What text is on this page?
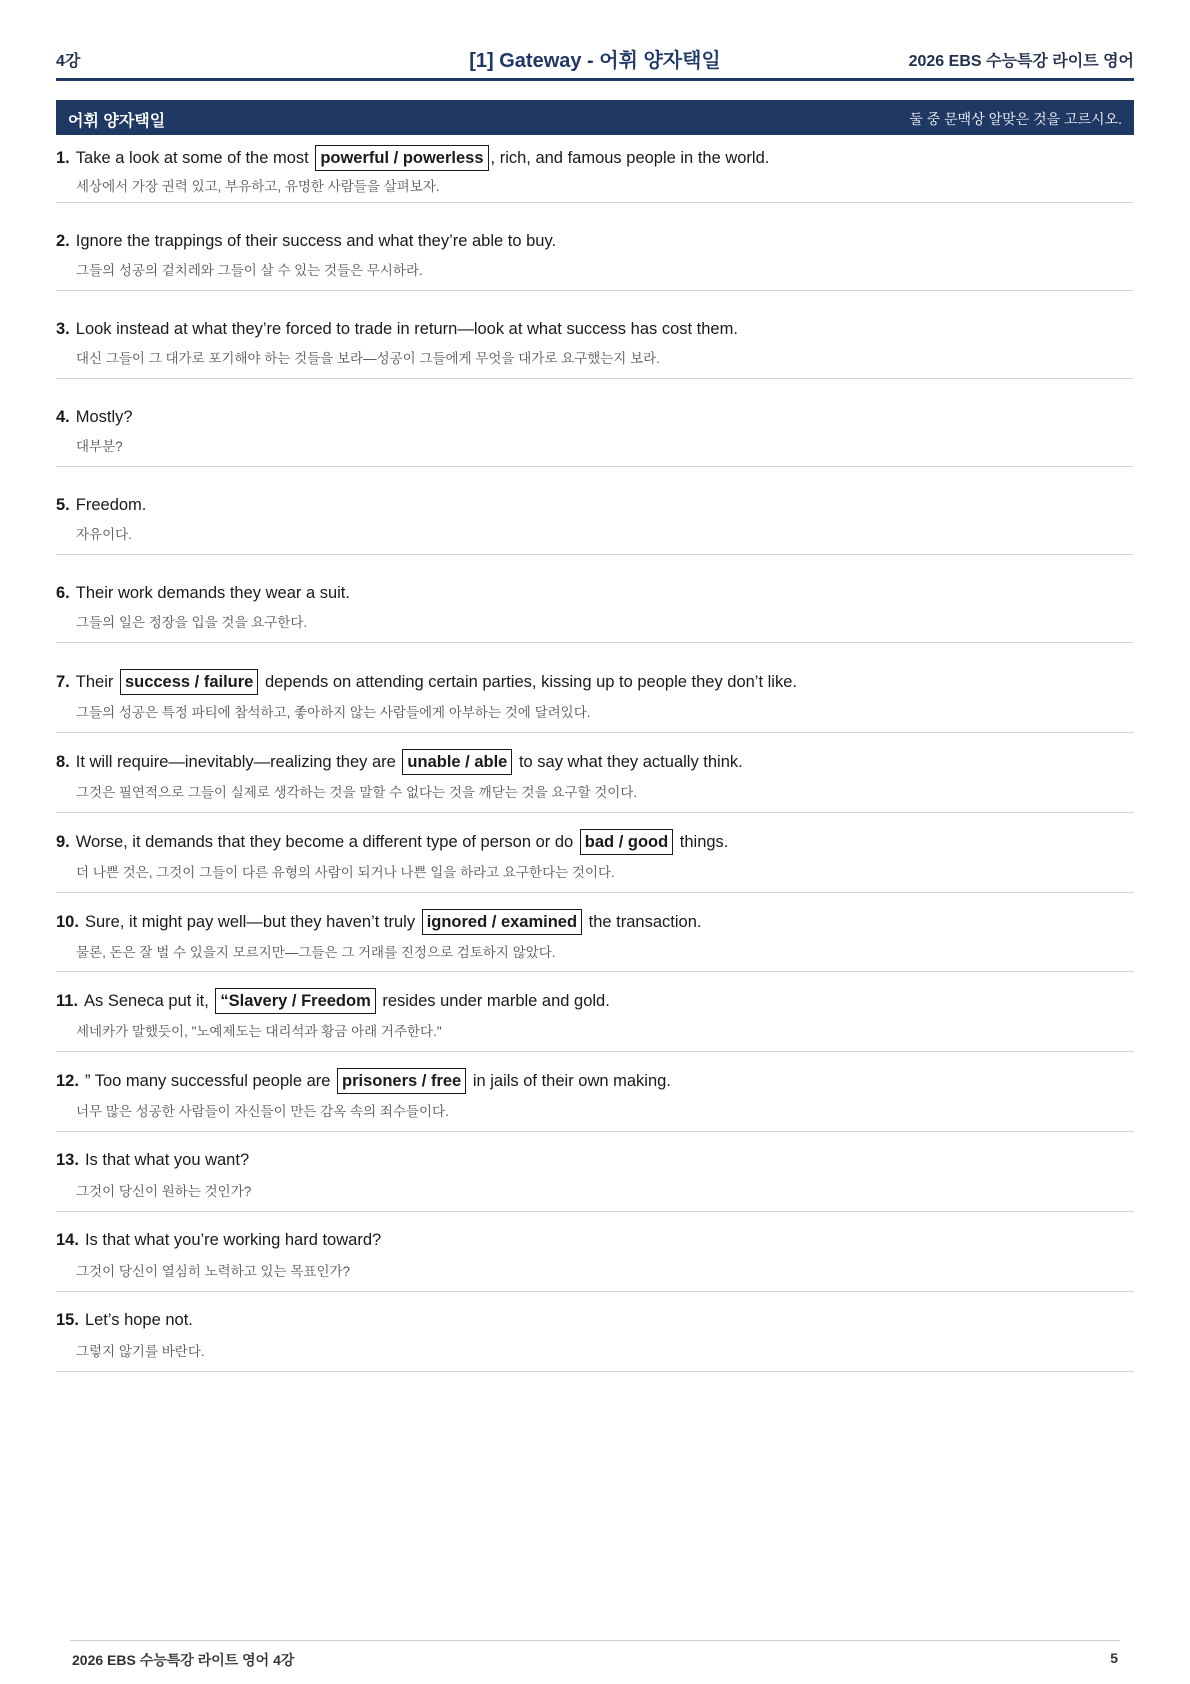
4강	[1] Gateway - 어휘 양자택일	2026 EBS 수능특강 라이트 영어
어휘 양자택일	둘 중 문맥상 알맞은 것을 고르시오.
1. Take a look at some of the most powerful / powerless , rich, and famous people in the world.
세상에서 가장 권력 있고, 부유하고, 유명한 사람들을 살펴보자.
2. Ignore the trappings of their success and what they’re able to buy.
그들의 성공의 겉치레와 그들이 살 수 있는 것들은 무시하라.
3. Look instead at what they’re forced to trade in return—look at what success has cost them.
대신 그들이 그 대가로 포기해야 하는 것들을 보라—성공이 그들에게 무엇을 대가로 요구했는지 보라.
4. Mostly?
대부분?
5. Freedom.
자유이다.
6. Their work demands they wear a suit.
그들의 일은 정장을 입을 것을 요구한다.
7. Their success / failure depends on attending certain parties, kissing up to people they don’t like.
그들의 성공은 특정 파티에 참석하고, 좋아하지 않는 사람들에게 아부하는 것에 달려있다.
8. It will require—inevitably—realizing they are unable / able to say what they actually think.
그것은 필연적으로 그들이 실제로 생각하는 것을 말할 수 없다는 것을 깨닫는 것을 요구할 것이다.
9. Worse, it demands that they become a different type of person or do bad / good things.
더 나쁜 것은, 그것이 그들이 다른 유형의 사람이 되거나 나쁜 일을 하라고 요구한다는 것이다.
10. Sure, it might pay well—but they haven’t truly ignored / examined the transaction.
물론, 돈은 잘 벌 수 있을지 모르지만—그들은 그 거래를 진정으로 검토하지 않았다.
11. As Seneca put it, “Slavery / Freedom resides under marble and gold.
세네카가 말했듯이, "노예제도는 대리석과 황금 아래 거주한다."
12. ” Too many successful people are prisoners / free in jails of their own making.
너무 많은 성공한 사람들이 자신들이 만든 감옥 속의 죄수들이다.
13. Is that what you want?
그것이 당신이 원하는 것인가?
14. Is that what you’re working hard toward?
그것이 당신이 열심히 노력하고 있는 목표인가?
15. Let’s hope not.
그렇지 않기를 바란다.
2026 EBS 수능특강 라이트 영어 4강	5
